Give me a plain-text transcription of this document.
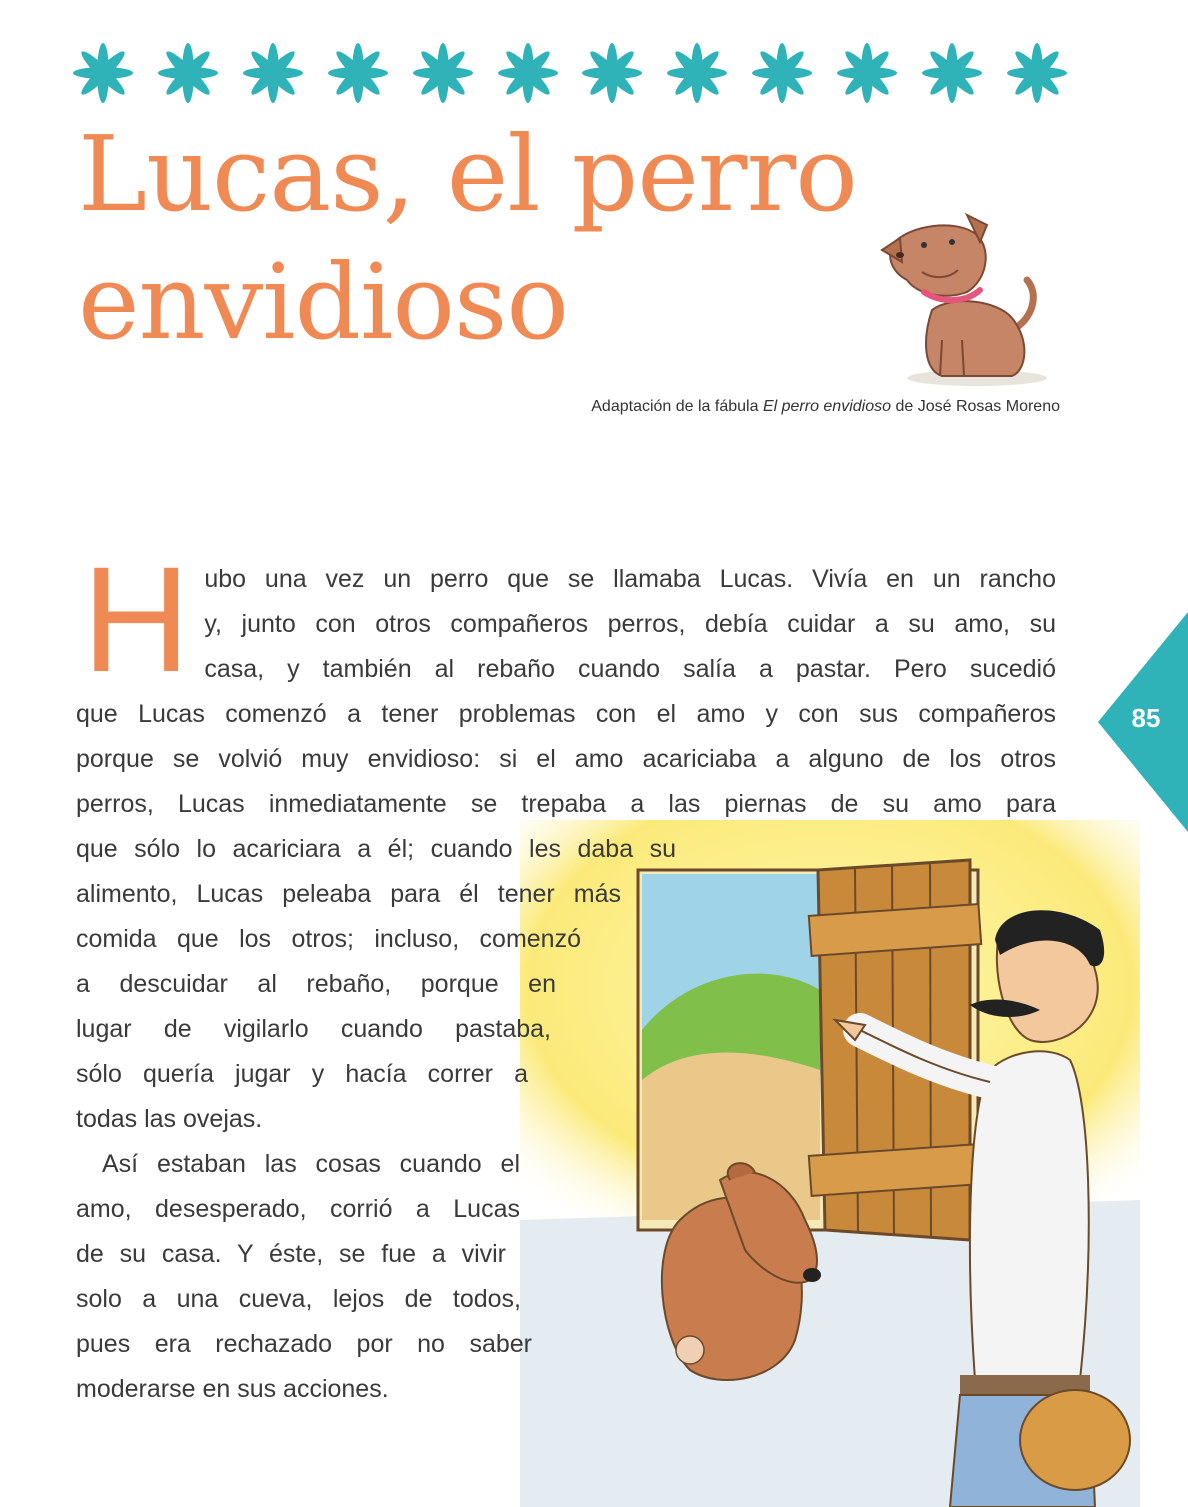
Lucas, el perro
envidioso
Adaptación de la fábula El perro envidioso de José Rosas Moreno
85

H ubo una vez un perro que se llamaba Lucas. Vivía en un rancho
y, junto con otros compañeros perros, debía cuidar a su amo, su
casa, y también al rebaño cuando salía a pastar. Pero sucedió
que Lucas comenzó a tener problemas con el amo y con sus compañeros
porque se volvió muy envidioso: si el amo acariciaba a alguno de los otros
perros, Lucas inmediatamente se trepaba a las piernas de su amo para
que sólo lo acariciara a él; cuando les daba su
alimento, Lucas peleaba para él tener más
comida que los otros; incluso, comenzó
a descuidar al rebaño, porque en
lugar de vigilarlo cuando pastaba,
sólo quería jugar y hacía correr a
todas las ovejas.

Así estaban las cosas cuando el
amo, desesperado, corrió a Lucas
de su casa. Y éste, se fue a vivir
solo a una cueva, lejos de todos,
pues era rechazado por no saber
moderarse en sus acciones.
